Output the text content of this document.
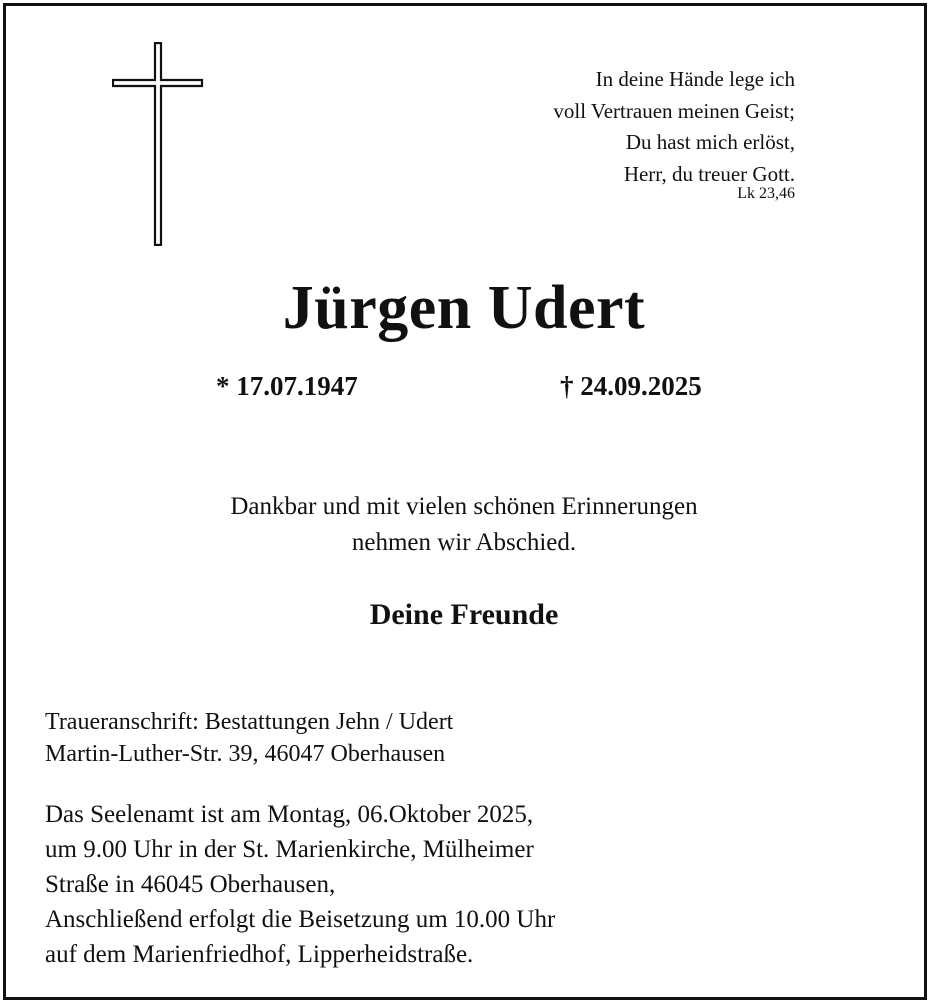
In deine Hände lege ich
voll Vertrauen meinen Geist;
Du hast mich erlöst,
Herr, du treuer Gott.
Lk 23,46
Jürgen Udert
* 17.07.1947	† 24.09.2025
Dankbar und mit vielen schönen Erinnerungen
nehmen wir Abschied.
Deine Freunde
Traueranschrift: Bestattungen Jehn / Udert
Martin-Luther-Str. 39, 46047 Oberhausen
Das Seelenamt ist am Montag, 06.Oktober 2025,
um 9.00 Uhr in der St. Marienkirche, Mülheimer
Straße in 46045 Oberhausen,
Anschließend erfolgt die Beisetzung um 10.00 Uhr
auf dem Marienfriedhof, Lipperheidstraße.
